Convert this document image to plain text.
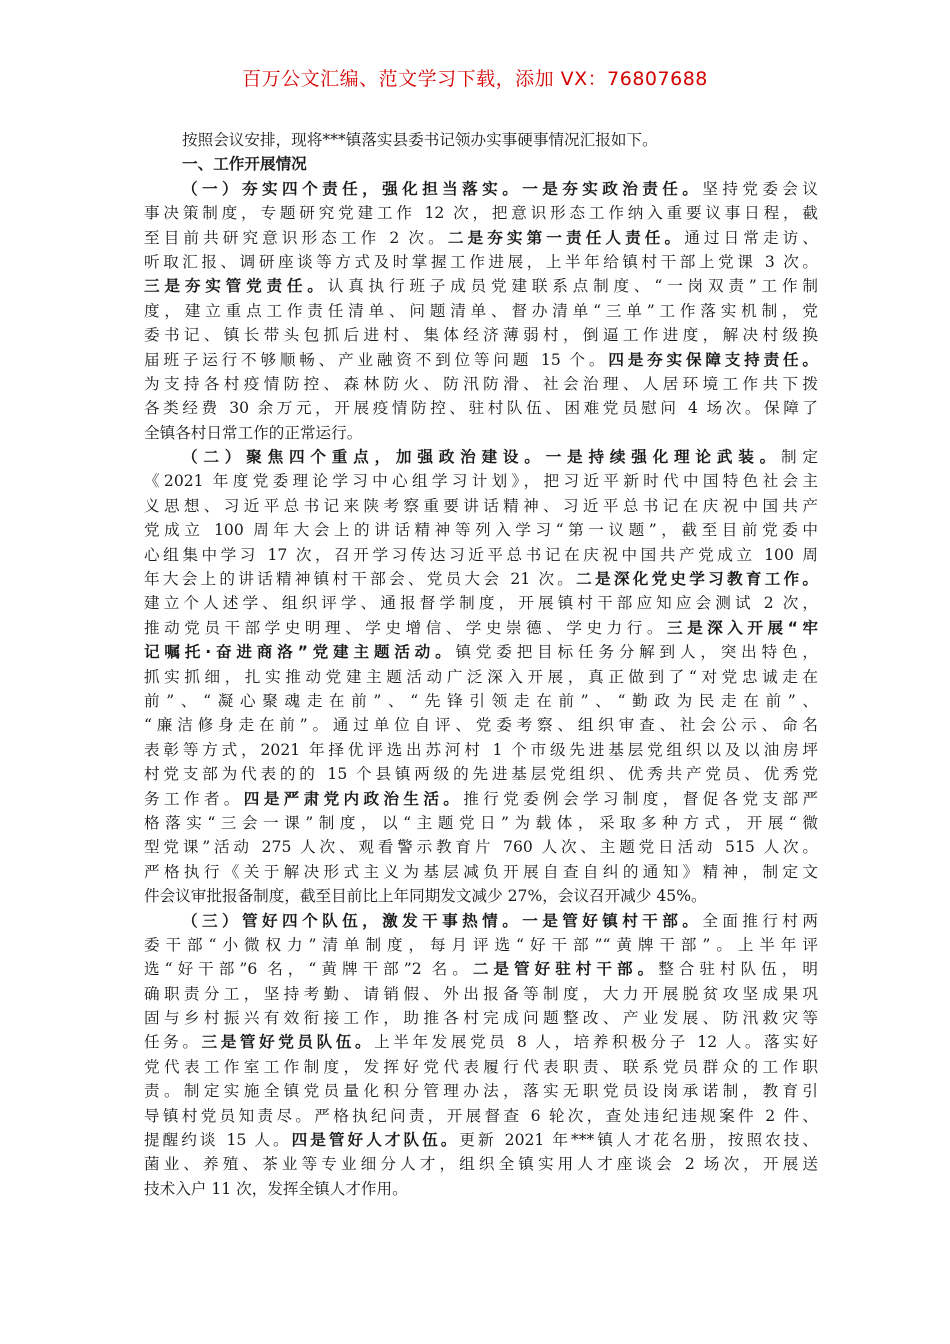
百万公文汇编、范文学习下载，添加 VX：76807688
按照会议安排，现将***镇落实县委书记领办实事硬事情况汇报如下。
一、工作开展情况
（一）夯实四个责任，强化担当落实。一是夯实政治责任。坚持党委会议
事决策制度，专题研究党建工作 12 次，把意识形态工作纳入重要议事日程，截
至目前共研究意识形态工作 2 次。二是夯实第一责任人责任。通过日常走访、
听取汇报、调研座谈等方式及时掌握工作进展，上半年给镇村干部上党课 3 次。
三是夯实管党责任。认真执行班子成员党建联系点制度、“一岗双责”工作制
度，建立重点工作责任清单、问题清单、督办清单“三单”工作落实机制，党
委书记、镇长带头包抓后进村、集体经济薄弱村，倒逼工作进度，解决村级换
届班子运行不够顺畅、产业融资不到位等问题 15 个。四是夯实保障支持责任。
为支持各村疫情防控、森林防火、防汛防滑、社会治理、人居环境工作共下拨
各类经费 30 余万元，开展疫情防控、驻村队伍、困难党员慰问 4 场次。保障了
全镇各村日常工作的正常运行。
（二）聚焦四个重点，加强政治建设。一是持续强化理论武装。制定
《2021 年度党委理论学习中心组学习计划》，把习近平新时代中国特色社会主
义思想、习近平总书记来陕考察重要讲话精神、习近平总书记在庆祝中国共产
党成立 100 周年大会上的讲话精神等列入学习“第一议题”，截至目前党委中
心组集中学习 17 次，召开学习传达习近平总书记在庆祝中国共产党成立 100 周
年大会上的讲话精神镇村干部会、党员大会 21 次。二是深化党史学习教育工作。
建立个人述学、组织评学、通报督学制度，开展镇村干部应知应会测试 2 次，
推动党员干部学史明理、学史增信、学史崇德、学史力行。三是深入开展“牢
记嘱托·奋进商洛”党建主题活动。镇党委把目标任务分解到人，突出特色，
抓实抓细，扎实推动党建主题活动广泛深入开展，真正做到了“对党忠诚走在
前”、“凝心聚魂走在前”、“先锋引领走在前”、“勤政为民走在前”、
“廉洁修身走在前”。通过单位自评、党委考察、组织审查、社会公示、命名
表彰等方式，2021 年择优评选出苏河村 1 个市级先进基层党组织以及以油房坪
村党支部为代表的的 15 个县镇两级的先进基层党组织、优秀共产党员、优秀党
务工作者。四是严肃党内政治生活。推行党委例会学习制度，督促各党支部严
格落实“三会一课”制度，以“主题党日”为载体，采取多种方式，开展“微
型党课”活动 275 人次、观看警示教育片 760 人次、主题党日活动 515 人次。
严格执行《关于解决形式主义为基层减负开展自查自纠的通知》精神，制定文
件会议审批报备制度，截至目前比上年同期发文减少 27%，会议召开减少 45%。
（三）管好四个队伍，激发干事热情。一是管好镇村干部。全面推行村两
委干部“小微权力”清单制度，每月评选“好干部”“黄牌干部”。上半年评
选“好干部”6 名，“黄牌干部”2 名。二是管好驻村干部。整合驻村队伍，明
确职责分工，坚持考勤、请销假、外出报备等制度，大力开展脱贫攻坚成果巩
固与乡村振兴有效衔接工作，助推各村完成问题整改、产业发展、防汛救灾等
任务。三是管好党员队伍。上半年发展党员 8 人，培养积极分子 12 人。落实好
党代表工作室工作制度，发挥好党代表履行代表职责、联系党员群众的工作职
责。制定实施全镇党员量化积分管理办法，落实无职党员设岗承诺制，教育引
导镇村党员知责尽。严格执纪问责，开展督查 6 轮次，查处违纪违规案件 2 件、
提醒约谈 15 人。四是管好人才队伍。更新 2021 年***镇人才花名册，按照农技、
菌业、养殖、茶业等专业细分人才，组织全镇实用人才座谈会 2 场次，开展送
技术入户 11 次，发挥全镇人才作用。
